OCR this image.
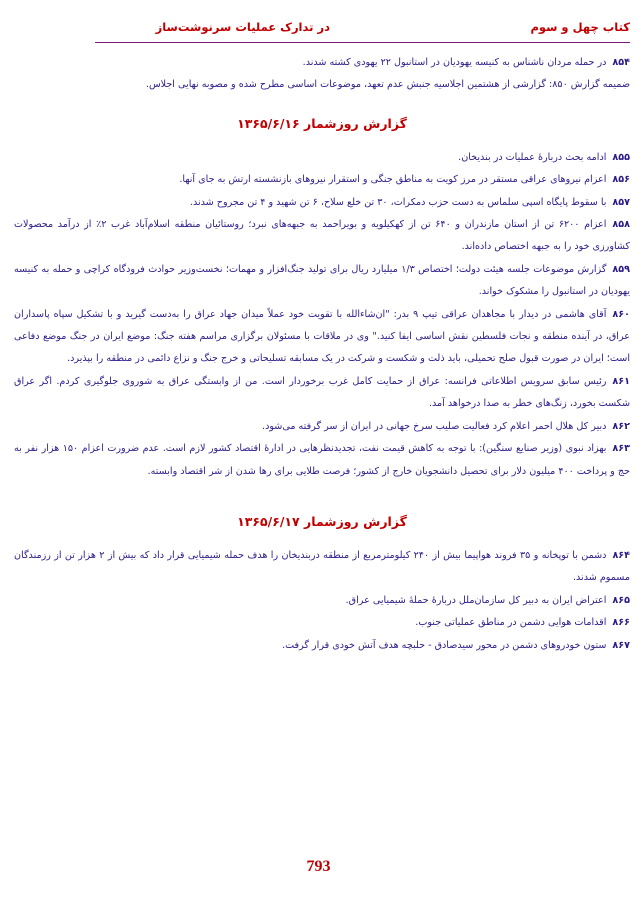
کتاب چهل و سوم
در تدارک عملیات سرنوشت‌ساز

۸۵۴در حمله مردان ناشناس به کنیسه یهودیان در استانبول ۲۲ یهودی کشته شدند.

ضمیمه گزارش ۸۵۰: گزارشی از هشتمین اجلاسیه جنبش عدم تعهد، موضوعات اساسی مطرح شده و مصوبه نهایی اجلاس.

گزارش روزشمار ۱۳۶۵/۶/۱۶

۸۵۵ادامه بحث دربارهٔ عملیات در بندیخان.

۸۵۶اعزام نیروهای عراقی مستقر در مرز کویت به مناطق جنگی و استقرار نیروهای بازنشسته ارتش به جای آنها.

۸۵۷با سقوط پایگاه اسپی سلماس به دست حزب دمکرات، ۳۰ تن خلع سلاح، ۶ تن شهید و ۴ تن مجروح شدند.

۸۵۸اعزام ۶۲۰۰ تن از استان مازندران و ۶۴۰ تن از کهکیلویه و بویراحمد به جبهه‌های نبرد؛ روستائیان منطقه اسلام‌آباد غرب ۲٪ از درآمد محصولات کشاورزی خود را به جبهه اختصاص داده‌اند.

۸۵۹گزارش موضوعات جلسه هیئت دولت؛ اختصاص ۱/۳ میلیارد ریال برای تولید جنگ‌افزار و مهمات؛ نخست‌وزیر حوادث فرودگاه کراچی و حمله به کنیسه یهودیان در استانبول را مشکوک خواند.

۸۶۰آقای هاشمی در دیدار با مجاهدان عراقی تیپ ۹ بدر: "ان‌شاءالله با تقویت خود عملاً میدان جهاد عراق را به‌دست گیرید و با تشکیل سپاه پاسداران عراق، در آینده منطقه و نجات فلسطین نقش اساسی ایفا کنید." وی در ملاقات با مسئولان برگزاری مراسم هفته جنگ: موضع ایران در جنگ موضع دفاعی است؛ ایران در صورت قبول صلح تحمیلی، باید ذلت و شکست و شرکت در یک مسابقه تسلیحاتی و خرج جنگ و نزاع دائمی در منطقه را بپذیرد.

۸۶۱رئیس سابق سرویس اطلاعاتی فرانسه: عراق از حمایت کامل غرب برخوردار است. من از وابستگی عراق به شوروی جلوگیری کردم. اگر عراق شکست بخورد، زنگ‌های خطر به صدا درخواهد آمد.

۸۶۲دبیر کل هلال احمر اعلام کرد فعالیت صلیب سرخ جهانی در ایران از سر گرفته می‌شود.

۸۶۳بهزاد نبوی (وزیر صنایع سنگین): با توجه به کاهش قیمت نفت، تجدیدنظرهایی در ادارهٔ اقتصاد کشور لازم است. عدم ضرورت اعزام ۱۵۰ هزار نفر به حج و پرداخت ۴۰۰ میلیون دلار برای تحصیل دانشجویان خارج از کشور؛ فرصت طلایی برای رها شدن از شر اقتصاد وابسته.

گزارش روزشمار ۱۳۶۵/۶/۱۷

۸۶۴دشمن با توپخانه و ۳۵ فروند هواپیما بیش از ۲۴۰ کیلومترمربع از منطقه دربندیخان را هدف حمله شیمیایی قرار داد که بیش از ۲ هزار تن از رزمندگان مسموم شدند.

۸۶۵اعتراض ایران به دبیر کل سازمان‌ملل دربارهٔ حملهٔ شیمیایی عراق.

۸۶۶اقدامات هوایی دشمن در مناطق عملیاتی جنوب.

۸۶۷ستون خودروهای دشمن در محور سیدصادق - حلبچه هدف آتش خودی قرار گرفت.

793
